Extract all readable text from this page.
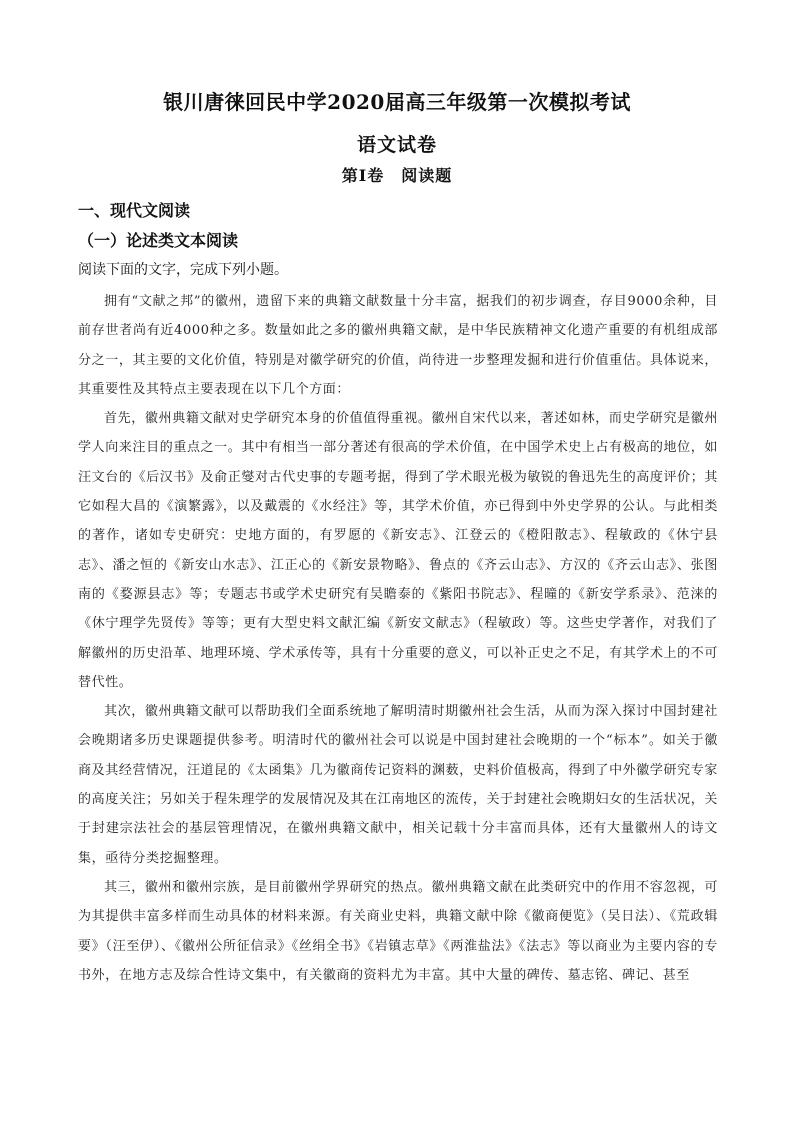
银川唐徕回民中学2020届高三年级第一次模拟考试
语文试卷
第Ⅰ卷　阅读题
一、现代文阅读
（一）论述类文本阅读
阅读下面的文字，完成下列小题。

拥有“文献之邦”的徽州，遗留下来的典籍文献数量十分丰富，据我们的初步调查，存目9000余种，目前存世者尚有近4000种之多。数量如此之多的徽州典籍文献，是中华民族精神文化遗产重要的有机组成部分之一，其主要的文化价值，特别是对徽学研究的价值，尚待进一步整理发掘和进行价值重估。具体说来，其重要性及其特点主要表现在以下几个方面：

首先，徽州典籍文献对史学研究本身的价值值得重视。徽州自宋代以来，著述如林，而史学研究是徽州学人向来注目的重点之一。其中有相当一部分著述有很高的学术价值，在中国学术史上占有极高的地位，如汪文台的《后汉书》及俞正燮对古代史事的专题考据，得到了学术眼光极为敏锐的鲁迅先生的高度评价；其它如程大昌的《演繁露》，以及戴震的《水经注》等，其学术价值，亦已得到中外史学界的公认。与此相类的著作，诸如专史研究：史地方面的，有罗愿的《新安志》、江登云的《橙阳散志》、程敏政的《休宁县志》、潘之恒的《新安山水志》、江正心的《新安景物略》、鲁点的《齐云山志》、方汉的《齐云山志》、张图南的《婺源县志》等；专题志书或学术史研究有吴瞻泰的《紫阳书院志》、程曈的《新安学系录》、范涞的《休宁理学先贤传》等等；更有大型史料文献汇编《新安文献志》（程敏政）等。这些史学著作，对我们了解徽州的历史沿革、地理环境、学术承传等，具有十分重要的意义，可以补正史之不足，有其学术上的不可替代性。

其次，徽州典籍文献可以帮助我们全面系统地了解明清时期徽州社会生活，从而为深入探讨中国封建社会晚期诸多历史课题提供参考。明清时代的徽州社会可以说是中国封建社会晚期的一个“标本”。如关于徽商及其经营情况，汪道昆的《太函集》几为徽商传记资料的渊薮，史料价值极高，得到了中外徽学研究专家的高度关注；另如关于程朱理学的发展情况及其在江南地区的流传，关于封建社会晚期妇女的生活状况，关于封建宗法社会的基层管理情况，在徽州典籍文献中，相关记载十分丰富而具体，还有大量徽州人的诗文集，亟待分类挖掘整理。

其三，徽州和徽州宗族，是目前徽州学界研究的热点。徽州典籍文献在此类研究中的作用不容忽视，可为其提供丰富多样而生动具体的材料来源。有关商业史料，典籍文献中除《徽商便览》（吴日法）、《荒政辑要》（汪至伊）、《徽州公所征信录》《丝绢全书》《岩镇志草》《两淮盐法》《法志》等以商业为主要内容的专书外，在地方志及综合性诗文集中，有关徽商的资料尤为丰富。其中大量的碑传、墓志铭、碑记、甚至
